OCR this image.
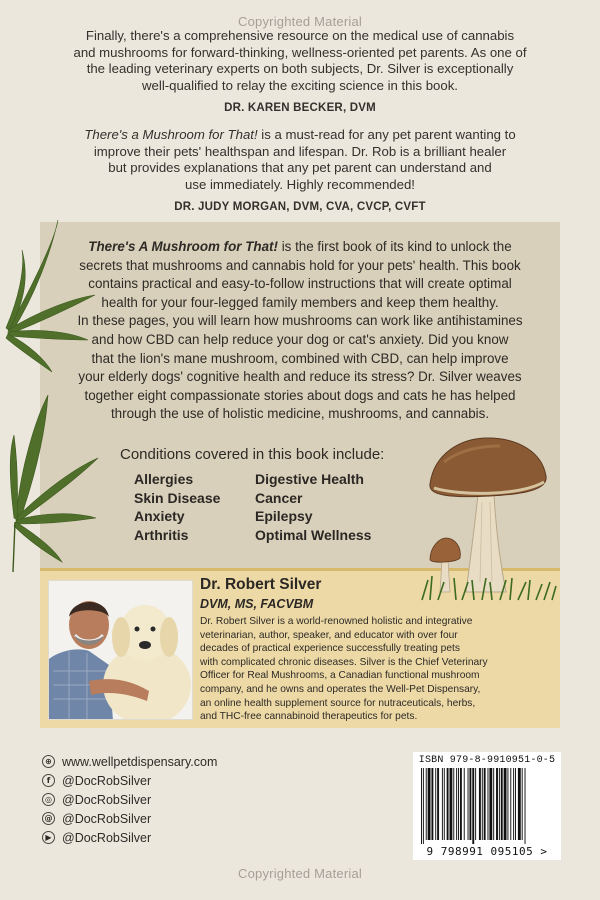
Copyrighted Material

Finally, there's a comprehensive resource on the medical use of cannabis

and mushrooms for forward-thinking, wellness-oriented pet parents. As one of

the leading veterinary experts on both subjects, Dr. Silver is exceptionally

well-qualified to relay the exciting science in this book.

DR. KAREN BECKER, DVM

There's a Mushroom for That! is a must-read for any pet parent wanting to

improve their pets' healthspan and lifespan. Dr. Rob is a brilliant healer

but provides explanations that any pet parent can understand and

use immediately. Highly recommended!

DR. JUDY MORGAN, DVM, CVA, CVCP, CVFT

There's A Mushroom for That! is the first book of its kind to unlock the
secrets that mushrooms and cannabis hold for your pets' health. This book
contains practical and easy-to-follow instructions that will create optimal
health for your four-legged family members and keep them healthy.
In these pages, you will learn how mushrooms can work like antihistamines
and how CBD can help reduce your dog or cat's anxiety. Did you know
that the lion's mane mushroom, combined with CBD, can help improve
your elderly dogs' cognitive health and reduce its stress? Dr. Silver weaves
together eight compassionate stories about dogs and cats he has helped
through the use of holistic medicine, mushrooms, and cannabis.
Conditions covered in this book include:
Allergies
Skin Disease
Anxiety
Arthritis
Digestive Health
Cancer
Epilepsy
Optimal Wellness
Dr. Robert Silver
DVM, MS, FACVBM
Dr. Robert Silver is a world-renowned holistic and integrative
veterinarian, author, speaker, and educator with over four
decades of practical experience successfully treating pets
with complicated chronic diseases. Silver is the Chief Veterinary
Officer for Real Mushrooms, a Canadian functional mushroom
company, and he owns and operates the Well-Pet Dispensary,
an online health supplement source for nutraceuticals, herbs,
and THC-free cannabinoid therapeutics for pets.
⊕ www.wellpetdispensary.com
f @DocRobSilver
◎ @DocRobSilver
@ @DocRobSilver
▶ @DocRobSilver
ISBN 979-8-9910951-0-5
9 798991 095105 >
Copyrighted Material
